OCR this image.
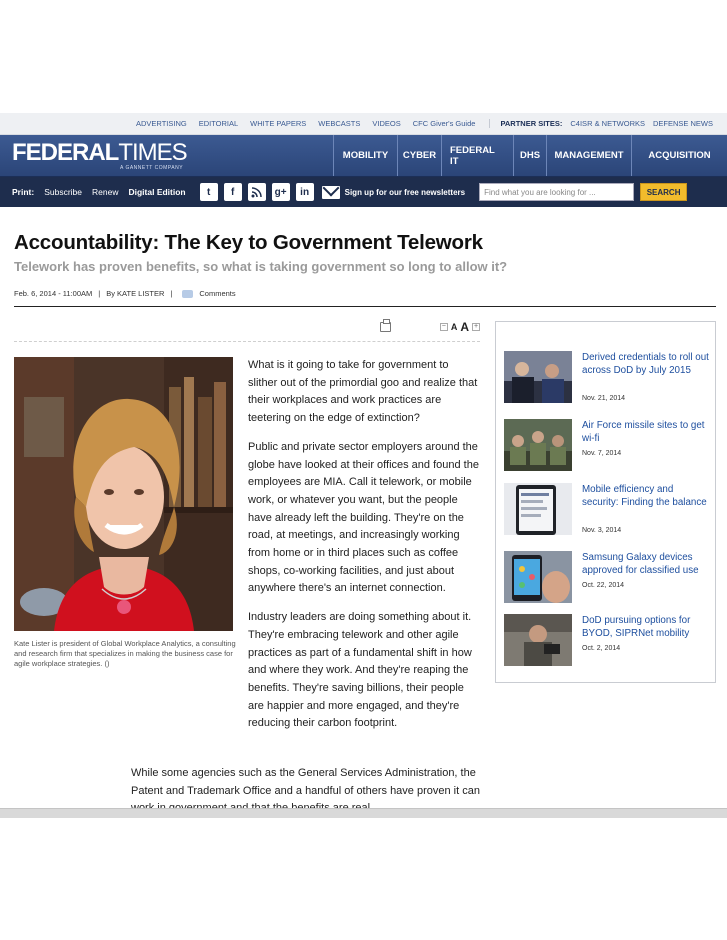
ADVERTISING EDITORIAL WHITE PAPERS WEBCASTS VIDEOS CFC Giver's Guide	PARTNER SITES: C4ISR & NETWORKS DEFENSE NEWS
FEDERALTIMES
A GANNETT COMPANY
MOBILITY	CYBER	FEDERAL IT	DHS	MANAGEMENT	ACQUISITION
Print: Subscribe Renew Digital Edition	t	f	g+	in	Sign up for our free newsletters	Find what you are looking for ...	SEARCH
Accountability: The Key to Government Telework
Telework has proven benefits, so what is taking government so long to allow it?
Feb. 6, 2014 - 11:00AM | By KATE LISTER |	Comments
− A A +
Kate Lister is president of Global Workplace Analytics, a consulting and research firm that specializes in making the business case for agile workplace strategies. ()

What is it going to take for government to slither out of the primordial goo and realize that their workplaces and work practices are teetering on the edge of extinction?

Public and private sector employers around the globe have looked at their offices and found the employees are MIA. Call it telework, or mobile work, or whatever you want, but the people have already left the building. They're on the road, at meetings, and increasingly working from home or in third places such as coffee shops, co-working facilities, and just about anywhere there's an internet connection.

Industry leaders are doing something about it. They're embracing telework and other agile practices as part of a fundamental shift in how and where they work. And they're reaping the benefits. They're saving billions, their people are happier and more engaged, and they're reducing their carbon footprint.

While some agencies such as the General Services Administration, the Patent and Trademark Office and a handful of others have proven it can

Derived credentials to roll out across DoD by July 2015
Nov. 21, 2014
Air Force missile sites to get wi-fi
Nov. 7, 2014
Mobile efficiency and security: Finding the balance
Nov. 3, 2014
Samsung Galaxy devices approved for classified use
Oct. 22, 2014
DoD pursuing options for BYOD, SIPRNet mobility
Oct. 2, 2014
